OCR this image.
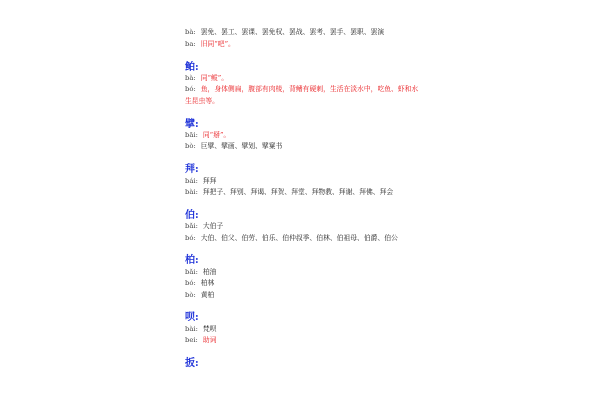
bà: 罢免、罢工、罢课、罢免权、罢战、罢考、罢手、罢职、罢演
ba: 旧同“吧”。
鲌:
bà: 同“鲅”。
bó: 鱼，身体侧扁，腹部有肉棱，背鳍有硬刺，生活在淡水中，吃鱼、虾和水生昆虫等。
擘:
bāi: 同“掰”。
bò: 巨擘、擘画、擘划、擘窠书
拜:
bái: 拜拜
bài: 拜把子、拜别、拜谒、拜贺、拜堂、拜物教、拜谢、拜佛、拜会
伯:
bǎi: 大伯子
bó: 大伯、伯父、伯劳、伯乐、伯仲叔季、伯林、伯祖母、伯爵、伯公
柏:
bǎi: 柏油
bó: 柏林
bò: 黄柏
呗:
bài: 梵呗
bei: 助词
扳:
